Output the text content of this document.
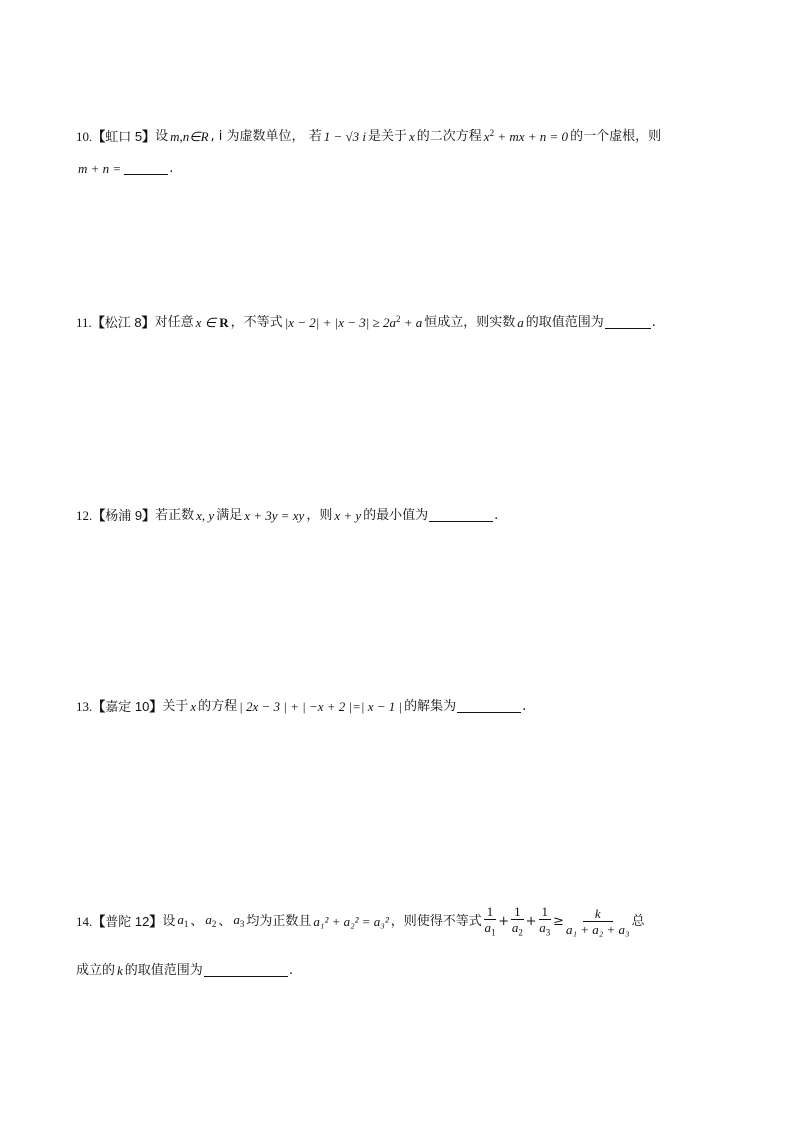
10. 【虹口 5】 设 m,n∈R , i 为虚数单位， 若 1 − √3 i 是关于 x 的二次方程 $x^2$ + mx + n = 0 的一个虚根，则
m + n =	.
11. 【松江 8】 对任意 x ∈ R ，不等式 $|x - 2| + |x - 3| \ge 2a^2 + a$ 恒成立，则实数 a 的取值范围为	.
12. 【杨浦 9】 若正数 x, y 满足 x + 3y = xy ，则 x + y 的最小值为	.
13. 【嘉定 10】 关于 x 的方程 | 2x − 3 | + | −x + 2 |=| x − 1 | 的解集为	.
14. 【普陀 12】 设 $a_1$ 、 $a_2$ 、 $a_3$ 均为正数且 a₁² + a₂² = a₃² ，则使得不等式 $\frac{1}{a_1} + \frac{1}{a_2} + \frac{1}{a_3} \ge \frac{k}{\text{a₁ + a₂ + a₃}}$ 总
成立的 k 的取值范围为	.
